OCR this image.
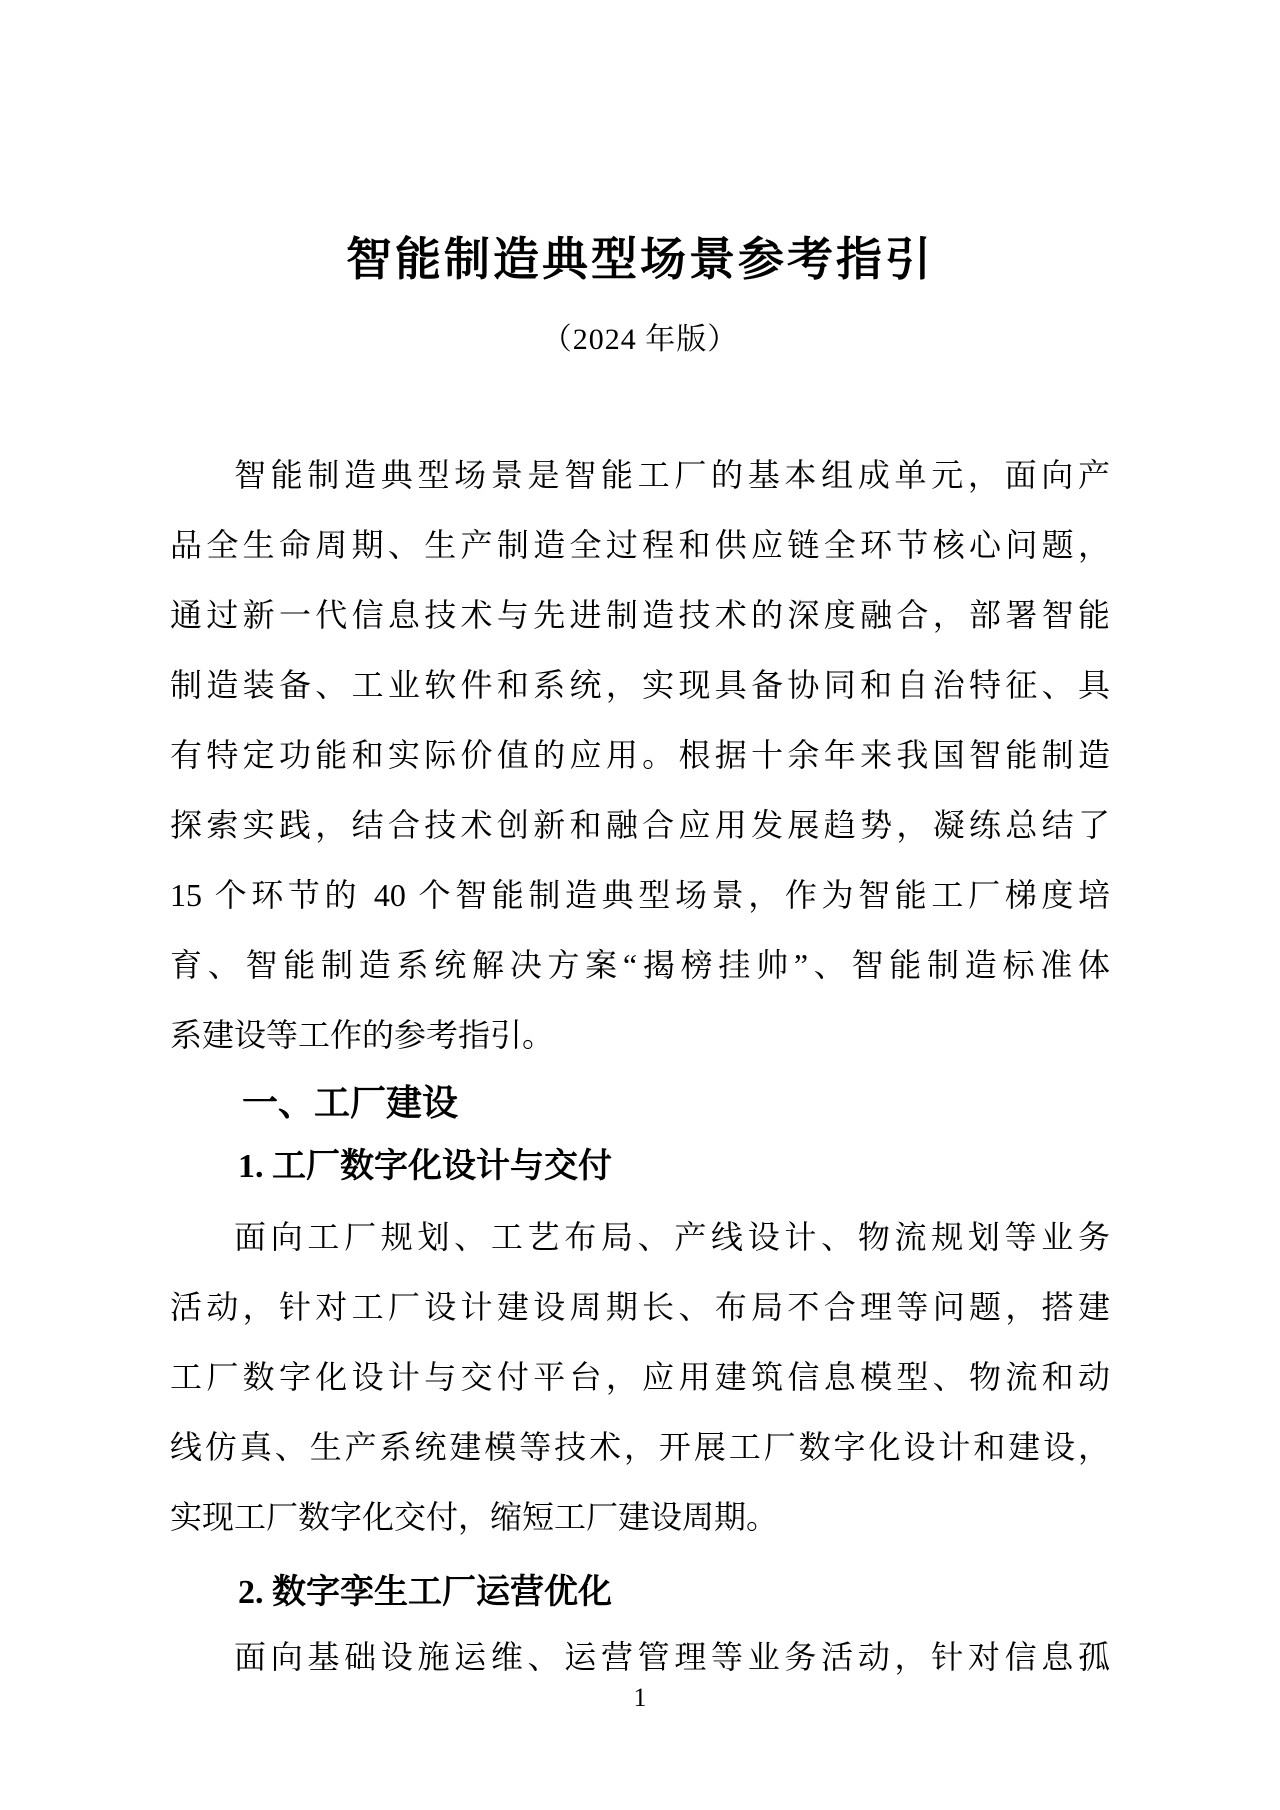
智能制造典型场景参考指引
（2024 年版）
智能制造典型场景是智能工厂的基本组成单元，面向产
品全生命周期、生产制造全过程和供应链全环节核心问题，
通过新一代信息技术与先进制造技术的深度融合，部署智能
制造装备、工业软件和系统，实现具备协同和自治特征、具
有特定功能和实际价值的应用。根据十余年来我国智能制造
探索实践，结合技术创新和融合应用发展趋势，凝练总结了
15 个环节的 40 个智能制造典型场景，作为智能工厂梯度培
育、智能制造系统解决方案“揭榜挂帅”、智能制造标准体
系建设等工作的参考指引。
一、工厂建设
1. 工厂数字化设计与交付
面向工厂规划、工艺布局、产线设计、物流规划等业务
活动，针对工厂设计建设周期长、布局不合理等问题，搭建
工厂数字化设计与交付平台，应用建筑信息模型、物流和动
线仿真、生产系统建模等技术，开展工厂数字化设计和建设，
实现工厂数字化交付，缩短工厂建设周期。
2. 数字孪生工厂运营优化
面向基础设施运维、运营管理等业务活动，针对信息孤
1
